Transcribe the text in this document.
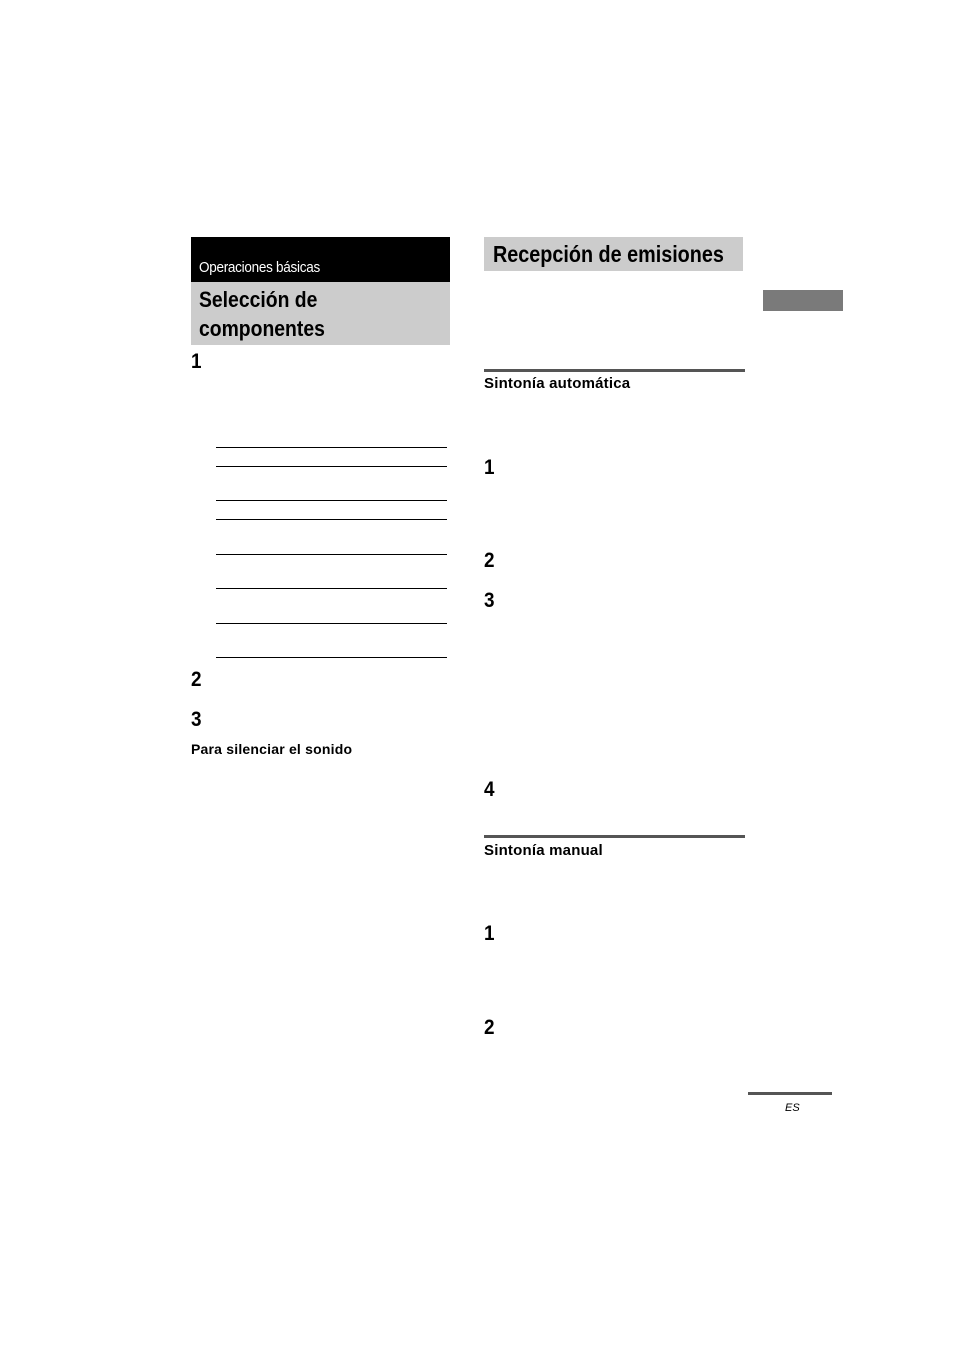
Operaciones básicas
Selección de
componentes
1
2
3
Para silenciar el sonido
Recepción de emisiones
Sintonía automática
1
2
3
4
Sintonía manual
1
2
ES
